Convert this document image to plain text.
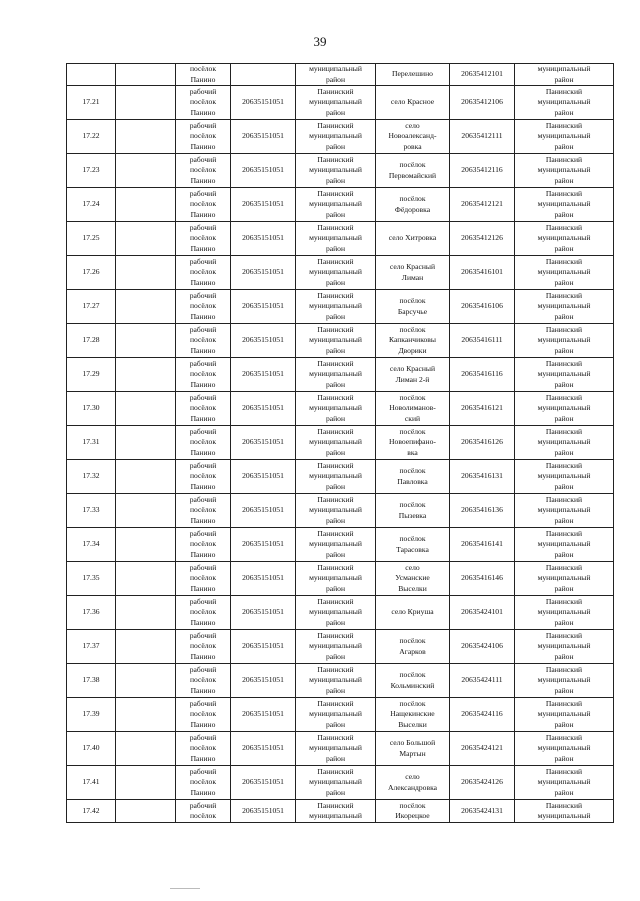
39
		посёлок
Панино		муниципальный
район	Перелешино	20635412101	муниципальный
район
17.21		рабочий
посёлок
Панино	20635151051	Панинский
муниципальный
район	село Красное	20635412106	Панинский
муниципальный
район
17.22		рабочий
посёлок
Панино	20635151051	Панинский
муниципальный
район	село
Новоалександ-
ровка	20635412111	Панинский
муниципальный
район
17.23		рабочий
посёлок
Панино	20635151051	Панинский
муниципальный
район	посёлок
Первомайский	20635412116	Панинский
муниципальный
район
17.24		рабочий
посёлок
Панино	20635151051	Панинский
муниципальный
район	посёлок
Фёдоровка	20635412121	Панинский
муниципальный
район
17.25		рабочий
посёлок
Панино	20635151051	Панинский
муниципальный
район	село Хитровка	20635412126	Панинский
муниципальный
район
17.26		рабочий
посёлок
Панино	20635151051	Панинский
муниципальный
район	село Красный
Лиман	20635416101	Панинский
муниципальный
район
17.27		рабочий
посёлок
Панино	20635151051	Панинский
муниципальный
район	посёлок
Барсучье	20635416106	Панинский
муниципальный
район
17.28		рабочий
посёлок
Панино	20635151051	Панинский
муниципальный
район	посёлок
Капканчиковы
Дворики	20635416111	Панинский
муниципальный
район
17.29		рабочий
посёлок
Панино	20635151051	Панинский
муниципальный
район	село Красный
Лиман 2-й	20635416116	Панинский
муниципальный
район
17.30		рабочий
посёлок
Панино	20635151051	Панинский
муниципальный
район	посёлок
Новолиманов-
ский	20635416121	Панинский
муниципальный
район
17.31		рабочий
посёлок
Панино	20635151051	Панинский
муниципальный
район	посёлок
Новоепифано-
вка	20635416126	Панинский
муниципальный
район
17.32		рабочий
посёлок
Панино	20635151051	Панинский
муниципальный
район	посёлок
Павловка	20635416131	Панинский
муниципальный
район
17.33		рабочий
посёлок
Панино	20635151051	Панинский
муниципальный
район	посёлок
Пызевка	20635416136	Панинский
муниципальный
район
17.34		рабочий
посёлок
Панино	20635151051	Панинский
муниципальный
район	посёлок
Тарасовка	20635416141	Панинский
муниципальный
район
17.35		рабочий
посёлок
Панино	20635151051	Панинский
муниципальный
район	село
Усманские
Выселки	20635416146	Панинский
муниципальный
район
17.36		рабочий
посёлок
Панино	20635151051	Панинский
муниципальный
район	село Криуша	20635424101	Панинский
муниципальный
район
17.37		рабочий
посёлок
Панино	20635151051	Панинский
муниципальный
район	посёлок
Агарков	20635424106	Панинский
муниципальный
район
17.38		рабочий
посёлок
Панино	20635151051	Панинский
муниципальный
район	посёлок
Кольминский	20635424111	Панинский
муниципальный
район
17.39		рабочий
посёлок
Панино	20635151051	Панинский
муниципальный
район	посёлок
Нащекинские
Выселки	20635424116	Панинский
муниципальный
район
17.40		рабочий
посёлок
Панино	20635151051	Панинский
муниципальный
район	село Большой
Мартын	20635424121	Панинский
муниципальный
район
17.41		рабочий
посёлок
Панино	20635151051	Панинский
муниципальный
район	село
Александровка	20635424126	Панинский
муниципальный
район
17.42		рабочий
посёлок	20635151051	Панинский
муниципальный	посёлок
Икорецкое	20635424131	Панинский
муниципальный
